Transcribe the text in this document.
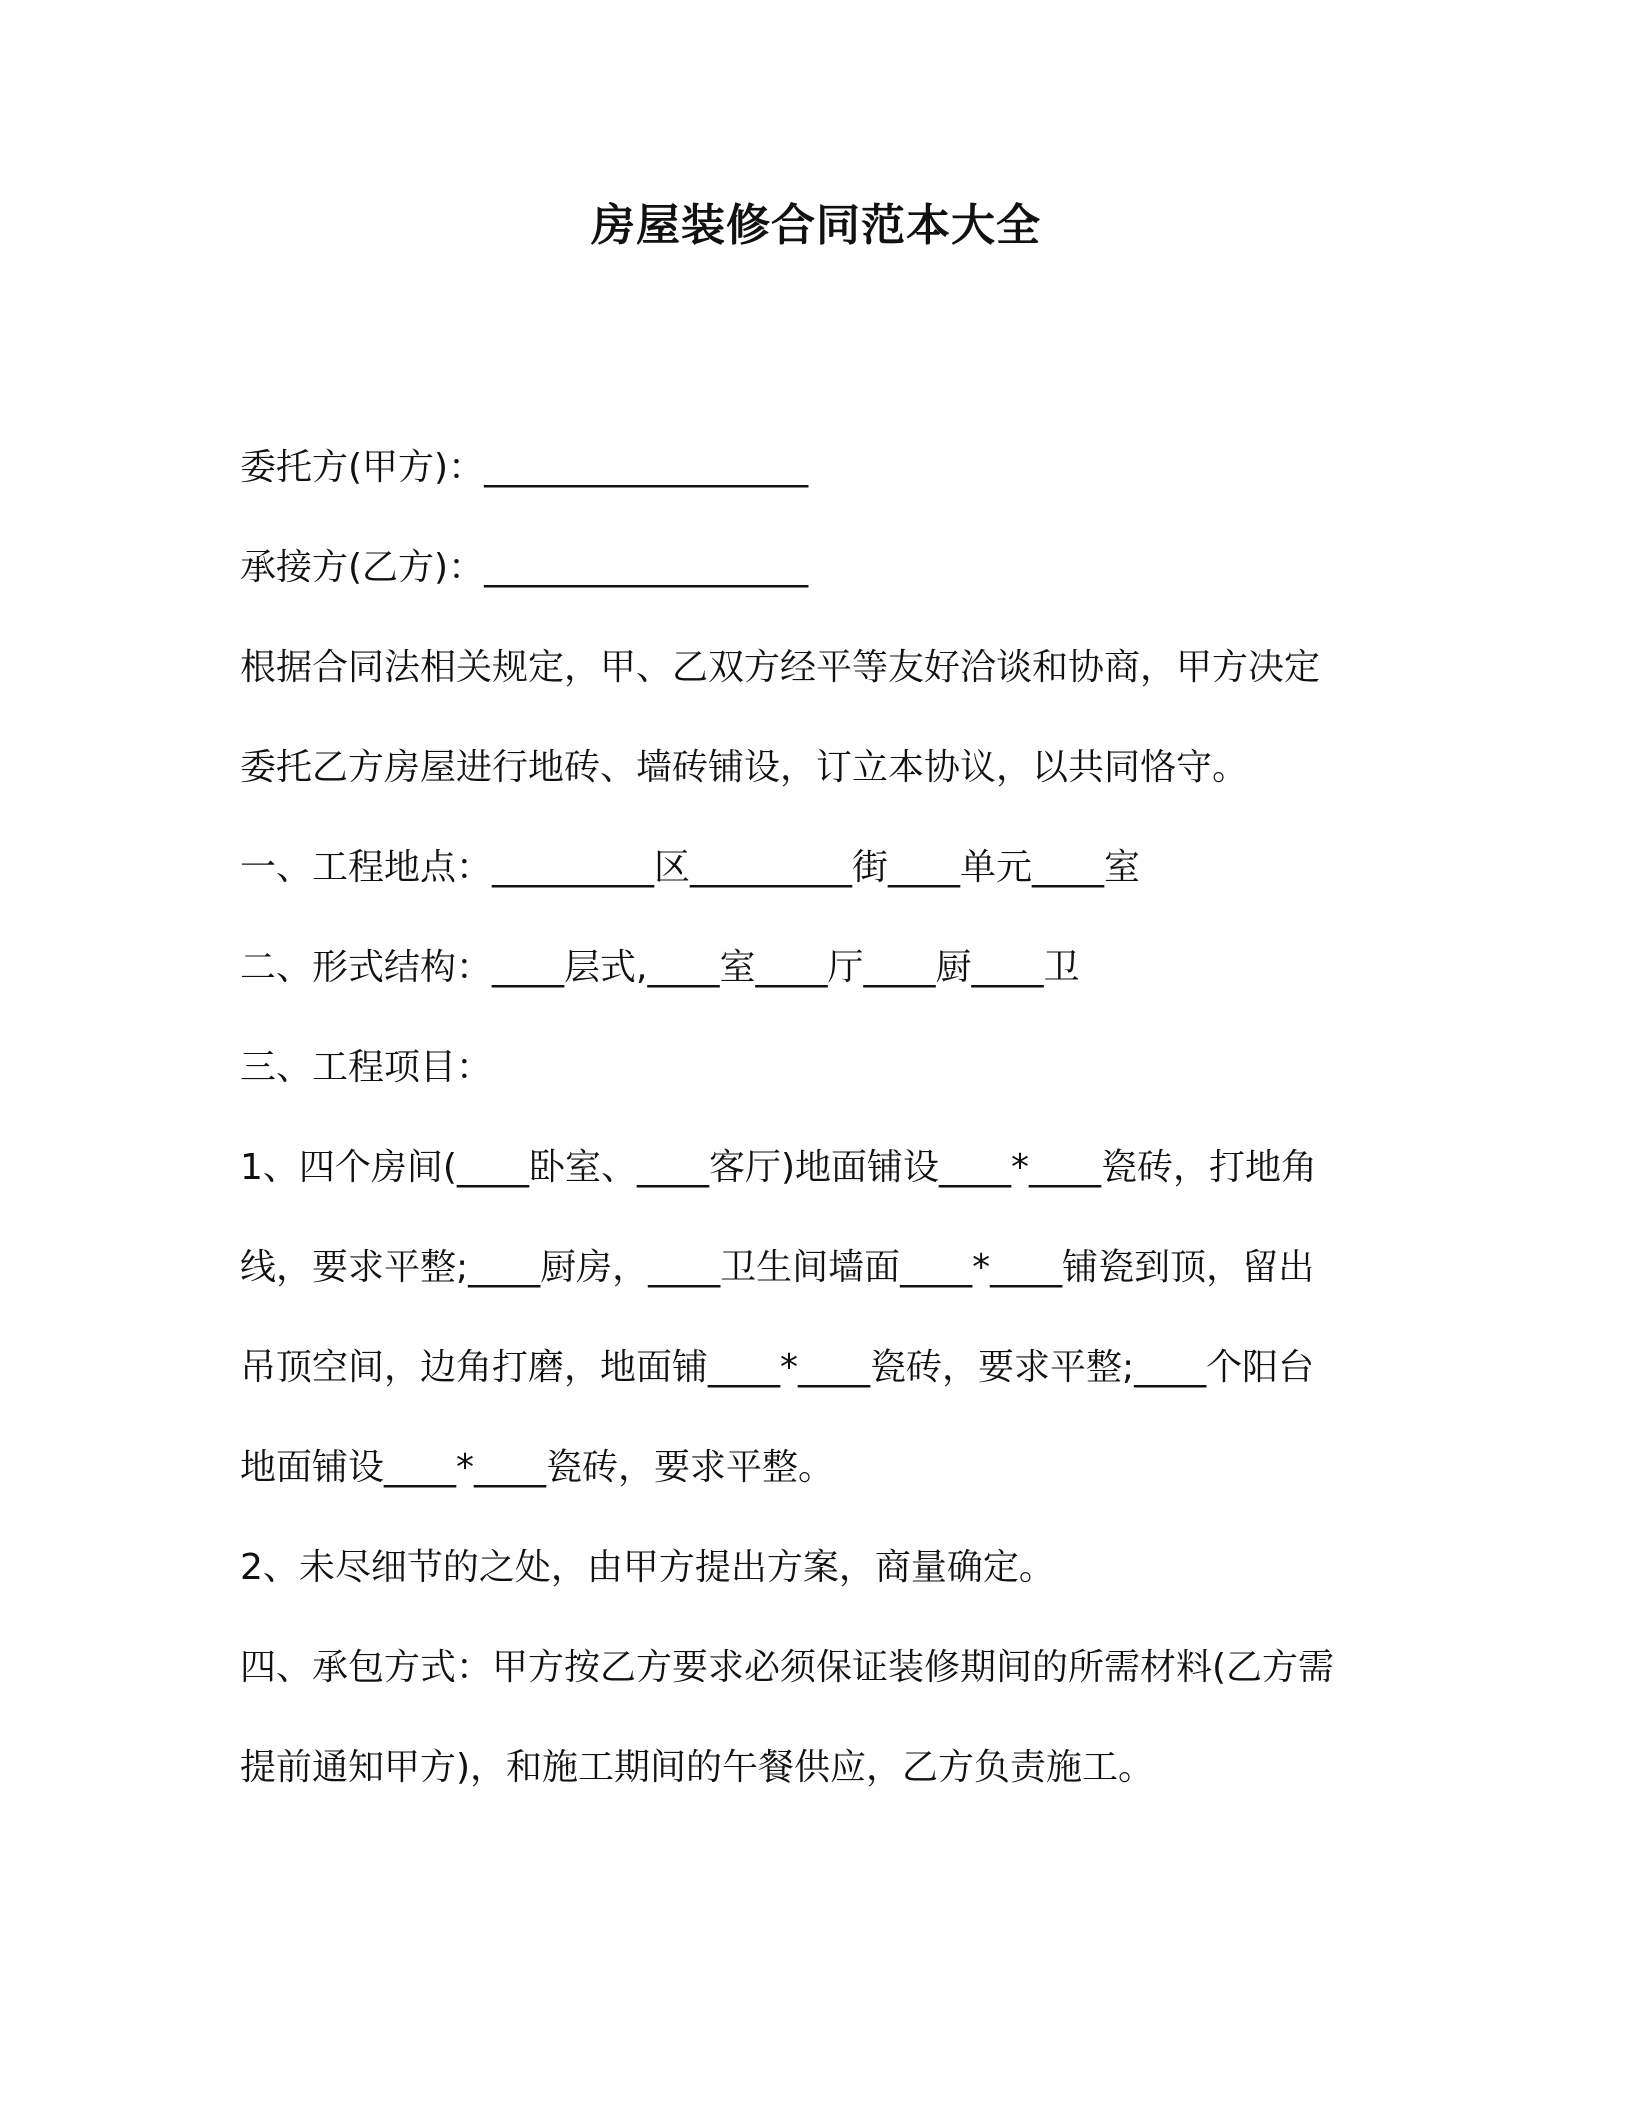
房屋装修合同范本大全
委托方(甲方)：__________________
承接方(乙方)：__________________
根据合同法相关规定，甲、乙双方经平等友好洽谈和协商，甲方决定
委托乙方房屋进行地砖、墙砖铺设，订立本协议，以共同恪守。
一、工程地点：_________区_________街____单元____室
二、形式结构：____层式,____室____厅____厨____卫
三、工程项目：
1、四个房间(____卧室、____客厅)地面铺设____*____瓷砖，打地角
线，要求平整;____厨房，____卫生间墙面____*____铺瓷到顶，留出
吊顶空间，边角打磨，地面铺____*____瓷砖，要求平整;____个阳台
地面铺设____*____瓷砖，要求平整。
2、未尽细节的之处，由甲方提出方案，商量确定。
四、承包方式：甲方按乙方要求必须保证装修期间的所需材料(乙方需
提前通知甲方)，和施工期间的午餐供应，乙方负责施工。
